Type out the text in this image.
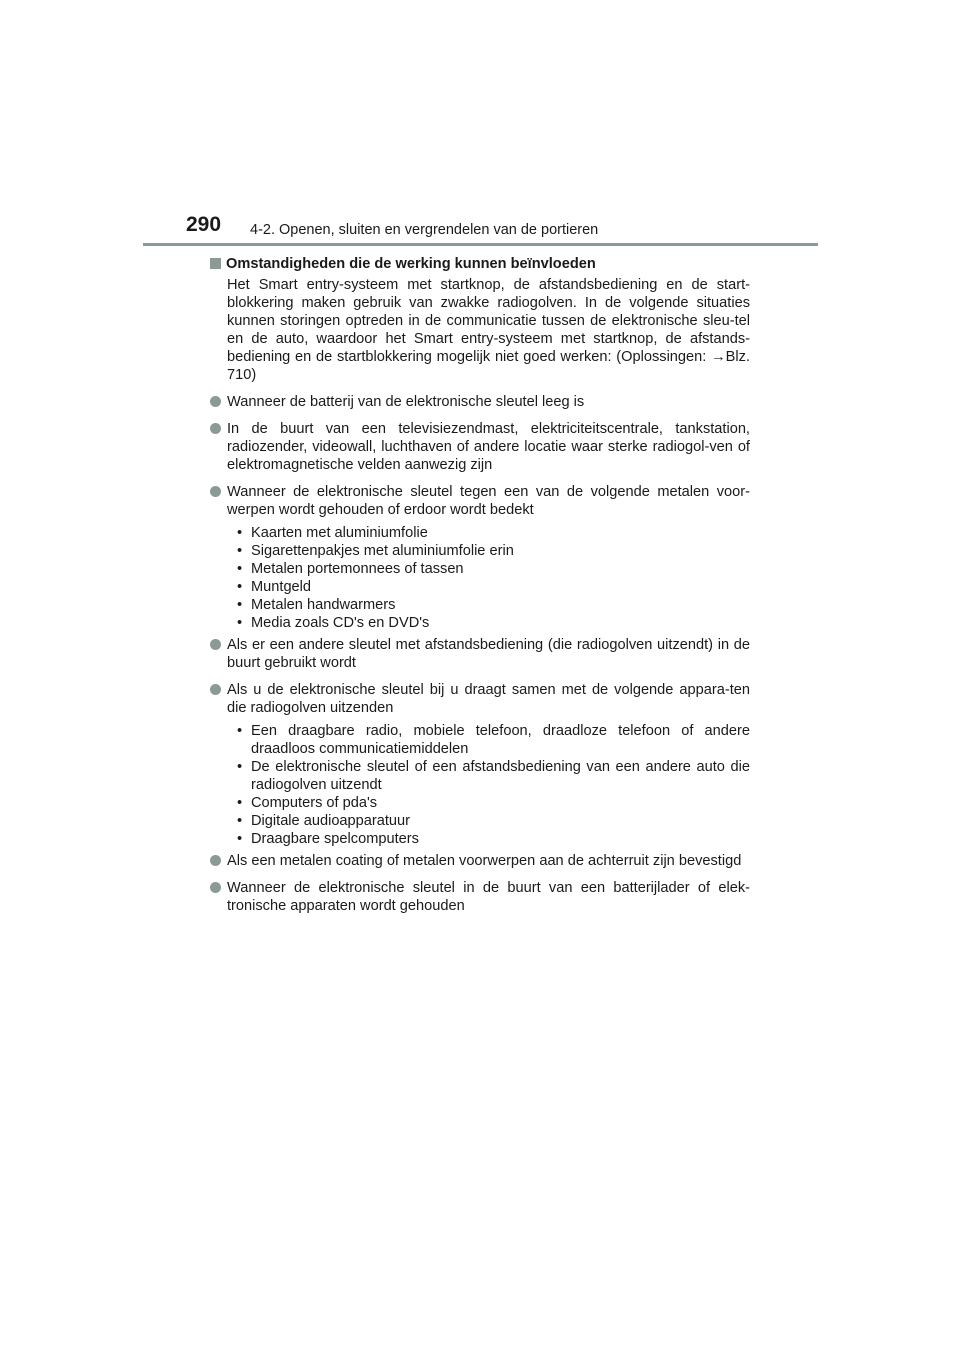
290 4-2. Openen, sluiten en vergrendelen van de portieren
Omstandigheden die de werking kunnen beïnvloeden
Het Smart entry-systeem met startknop, de afstandsbediening en de start-blokkering maken gebruik van zwakke radiogolven. In de volgende situaties kunnen storingen optreden in de communicatie tussen de elektronische sleu-tel en de auto, waardoor het Smart entry-systeem met startknop, de afstands-bediening en de startblokkering mogelijk niet goed werken: (Oplossingen: →Blz. 710)
Wanneer de batterij van de elektronische sleutel leeg is
In de buurt van een televisiezendmast, elektriciteitscentrale, tankstation, radiozender, videowall, luchthaven of andere locatie waar sterke radiogol-ven of elektromagnetische velden aanwezig zijn
Wanneer de elektronische sleutel tegen een van de volgende metalen voor-werpen wordt gehouden of erdoor wordt bedekt
• Kaarten met aluminiumfolie
• Sigarettenpakjes met aluminiumfolie erin
• Metalen portemonnees of tassen
• Muntgeld
• Metalen handwarmers
• Media zoals CD's en DVD's
Als er een andere sleutel met afstandsbediening (die radiogolven uitzendt) in de buurt gebruikt wordt
Als u de elektronische sleutel bij u draagt samen met de volgende appara-ten die radiogolven uitzenden
• Een draagbare radio, mobiele telefoon, draadloze telefoon of andere draadloos communicatiemiddelen
• De elektronische sleutel of een afstandsbediening van een andere auto die radiogolven uitzendt
• Computers of pda's
• Digitale audioapparatuur
• Draagbare spelcomputers
Als een metalen coating of metalen voorwerpen aan de achterruit zijn bevestigd
Wanneer de elektronische sleutel in de buurt van een batterijlader of elek-tronische apparaten wordt gehouden
